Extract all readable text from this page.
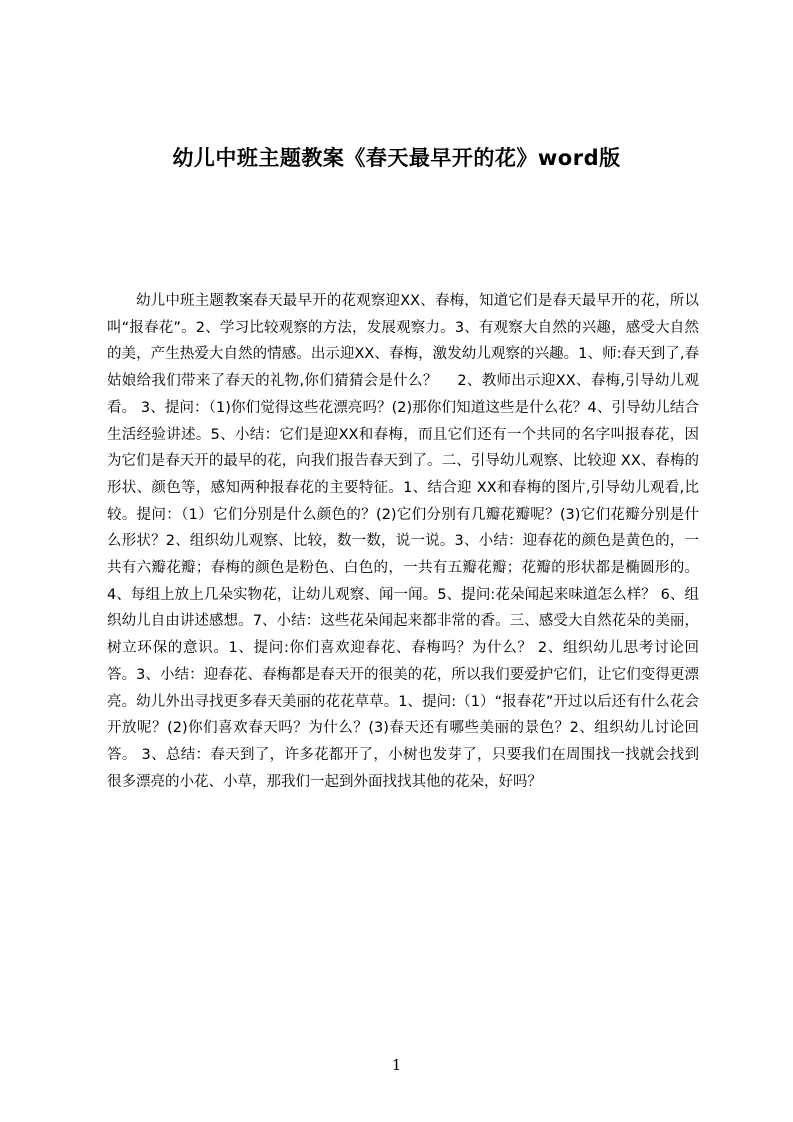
幼儿中班主题教案《春天最早开的花》word版
幼儿中班主题教案春天最早开的花观察迎XX、春梅，知道它们是春天最早开的花，所以叫“报春花”。2、学习比较观察的方法，发展观察力。3、有观察大自然的兴趣，感受大自然的美，产生热爱大自然的情感。出示迎XX、春梅，激发幼儿观察的兴趣。1、师:春天到了,春姑娘给我们带来了春天的礼物,你们猜猜会是什么？　 2、教师出示迎XX、春梅,引导幼儿观看。 3、提问：（1)你们觉得这些花漂亮吗？(2)那你们知道这些是什么花？4、引导幼儿结合生活经验讲述。5、小结：它们是迎XX和春梅，而且它们还有一个共同的名字叫报春花，因为它们是春天开的最早的花，向我们报告春天到了。二、引导幼儿观察、比较迎 XX、春梅的形状、颜色等，感知两种报春花的主要特征。1、结合迎 XX和春梅的图片,引导幼儿观看,比较。提问：（1）它们分别是什么颜色的？(2)它们分别有几瓣花瓣呢？(3)它们花瓣分别是什么形状？2、组织幼儿观察、比较，数一数，说一说。3、小结：迎春花的颜色是黄色的，一共有六瓣花瓣；春梅的颜色是粉色、白色的，一共有五瓣花瓣；花瓣的形状都是椭圆形的。4、每组上放上几朵实物花，让幼儿观察、闻一闻。5、提问:花朵闻起来味道怎么样？ 6、组织幼儿自由讲述感想。7、小结：这些花朵闻起来都非常的香。三、感受大自然花朵的美丽，树立环保的意识。1、提问:你们喜欢迎春花、春梅吗？为什么？ 2、组织幼儿思考讨论回答。3、小结：迎春花、春梅都是春天开的很美的花，所以我们要爱护它们，让它们变得更漂亮。幼儿外出寻找更多春天美丽的花花草草。1、提问:（1）“报春花”开过以后还有什么花会开放呢？(2)你们喜欢春天吗？为什么？(3)春天还有哪些美丽的景色？2、组织幼儿讨论回答。 3、总结：春天到了，许多花都开了，小树也发芽了，只要我们在周围找一找就会找到很多漂亮的小花、小草，那我们一起到外面找找其他的花朵，好吗？
1
